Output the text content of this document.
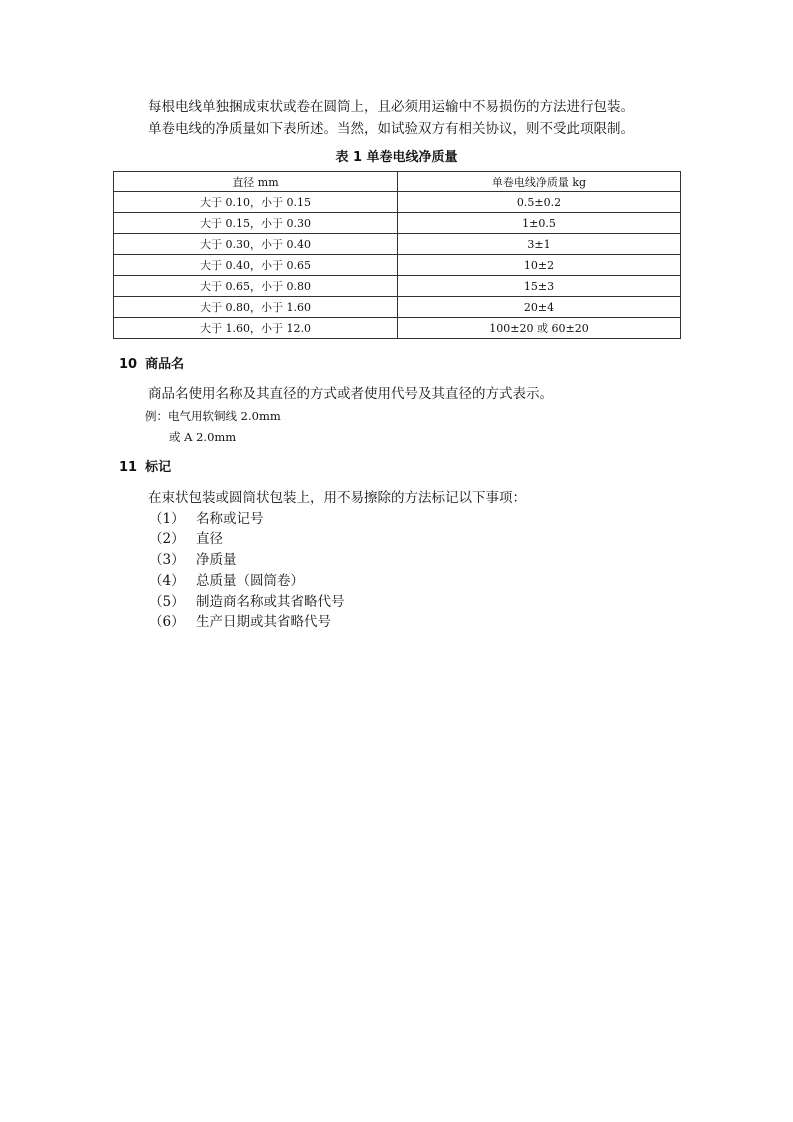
每根电线单独捆成束状或卷在圆筒上，且必须用运输中不易损伤的方法进行包装。

单卷电线的净质量如下表所述。当然，如试验双方有相关协议，则不受此项限制。

表 1 单卷电线净质量
直径 mm	单卷电线净质量 kg
大于 0.10，小于 0.15	0.5±0.2
大于 0.15，小于 0.30	1±0.5
大于 0.30，小于 0.40	3±1
大于 0.40，小于 0.65	10±2
大于 0.65，小于 0.80	15±3
大于 0.80，小于 1.60	20±4
大于 1.60，小于 12.0	100±20 或 60±20
10 商品名

商品名使用名称及其直径的方式或者使用代号及其直径的方式表示。

例：电气用软铜线 2.0mm

或 A 2.0mm

11 标记

在束状包装或圆筒状包装上，用不易擦除的方法标记以下事项：

（1） 名称或记号
（2） 直径
（3） 净质量
（4） 总质量（圆筒卷）
（5） 制造商名称或其省略代号
（6） 生产日期或其省略代号
